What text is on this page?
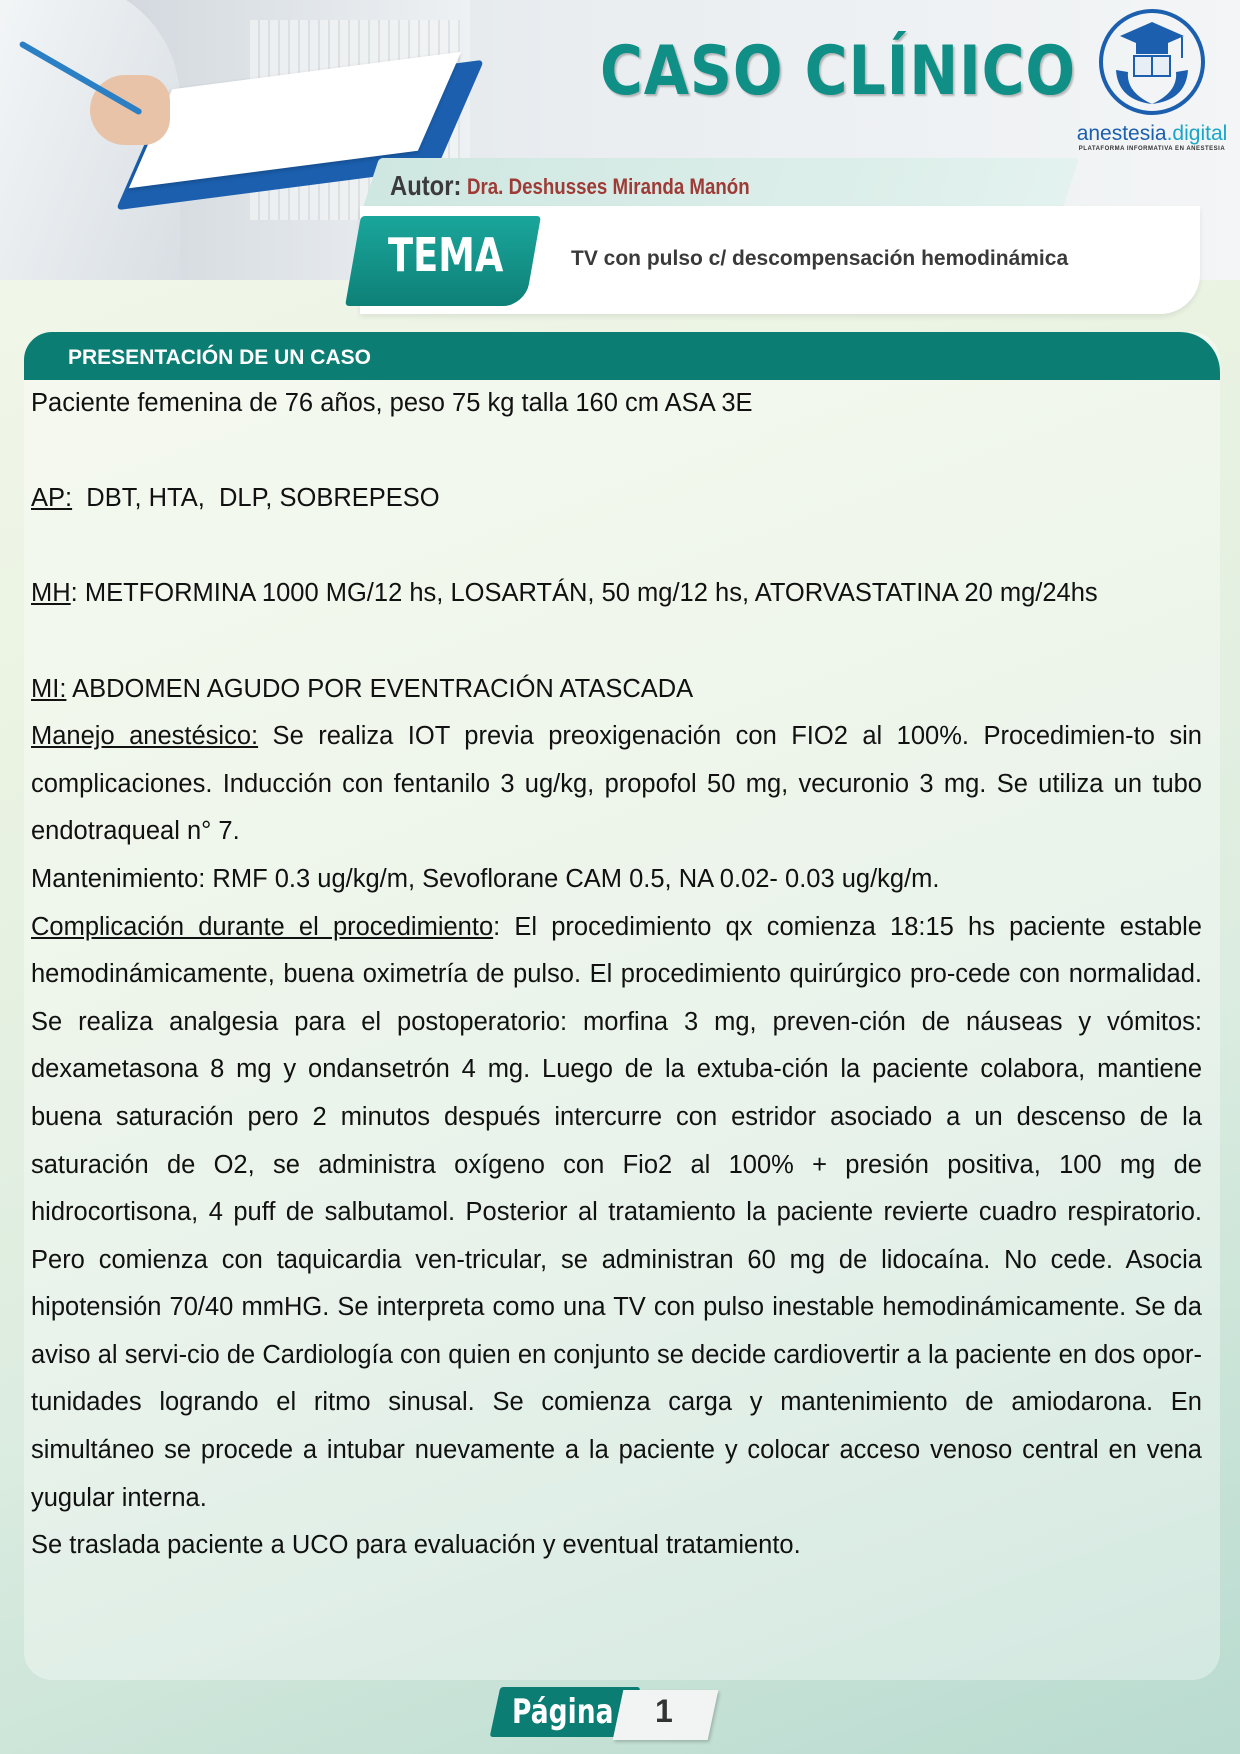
CASO CLÍNICO
anestesia.digital
PLATAFORMA INFORMATIVA EN ANESTESIA
Autor: Dra. Deshusses Miranda Manón
TEMA	TV con pulso c/ descompensación hemodinámica
PRESENTACIÓN DE UN CASO

Paciente femenina de 76 años, peso 75 kg talla 160 cm ASA 3E

AP:  DBT, HTA,  DLP, SOBREPESO

MH: METFORMINA 1000 MG/12 hs, LOSARTÁN, 50 mg/12 hs, ATORVASTATINA 20 mg/24hs

MI: ABDOMEN AGUDO POR EVENTRACIÓN ATASCADA

Manejo anestésico: Se realiza IOT previa preoxigenación con FIO2 al 100%. Procedimien-to sin complicaciones. Inducción con fentanilo 3 ug/kg, propofol 50 mg, vecuronio 3 mg. Se utiliza un tubo endotraqueal n° 7.

Mantenimiento: RMF 0.3 ug/kg/m, Sevoflorane CAM 0.5, NA 0.02- 0.03 ug/kg/m.

Complicación durante el procedimiento: El procedimiento qx comienza 18:15 hs paciente estable hemodinámicamente, buena oximetría de pulso. El procedimiento quirúrgico pro-cede con normalidad. Se realiza analgesia para el postoperatorio: morfina 3 mg, preven-ción de náuseas y vómitos: dexametasona 8 mg y ondansetrón 4 mg. Luego de la extuba-ción la paciente colabora, mantiene buena saturación pero 2 minutos después intercurre con estridor asociado a un descenso de la saturación de O2, se administra oxígeno con Fio2 al 100% + presión positiva, 100 mg de hidrocortisona, 4 puff de salbutamol. Posterior al tratamiento la paciente revierte cuadro respiratorio. Pero comienza con taquicardia ven-tricular, se administran 60 mg de lidocaína. No cede. Asocia hipotensión 70/40 mmHG. Se interpreta como una TV con pulso inestable hemodinámicamente. Se da aviso al servi-cio de Cardiología con quien en conjunto se decide cardiovertir a la paciente en dos opor-tunidades logrando el ritmo sinusal. Se comienza carga y mantenimiento de amiodarona. En simultáneo se procede a intubar nuevamente a la paciente y colocar acceso venoso central en vena yugular interna.

Se traslada paciente a UCO para evaluación y eventual tratamiento.

Página 1
